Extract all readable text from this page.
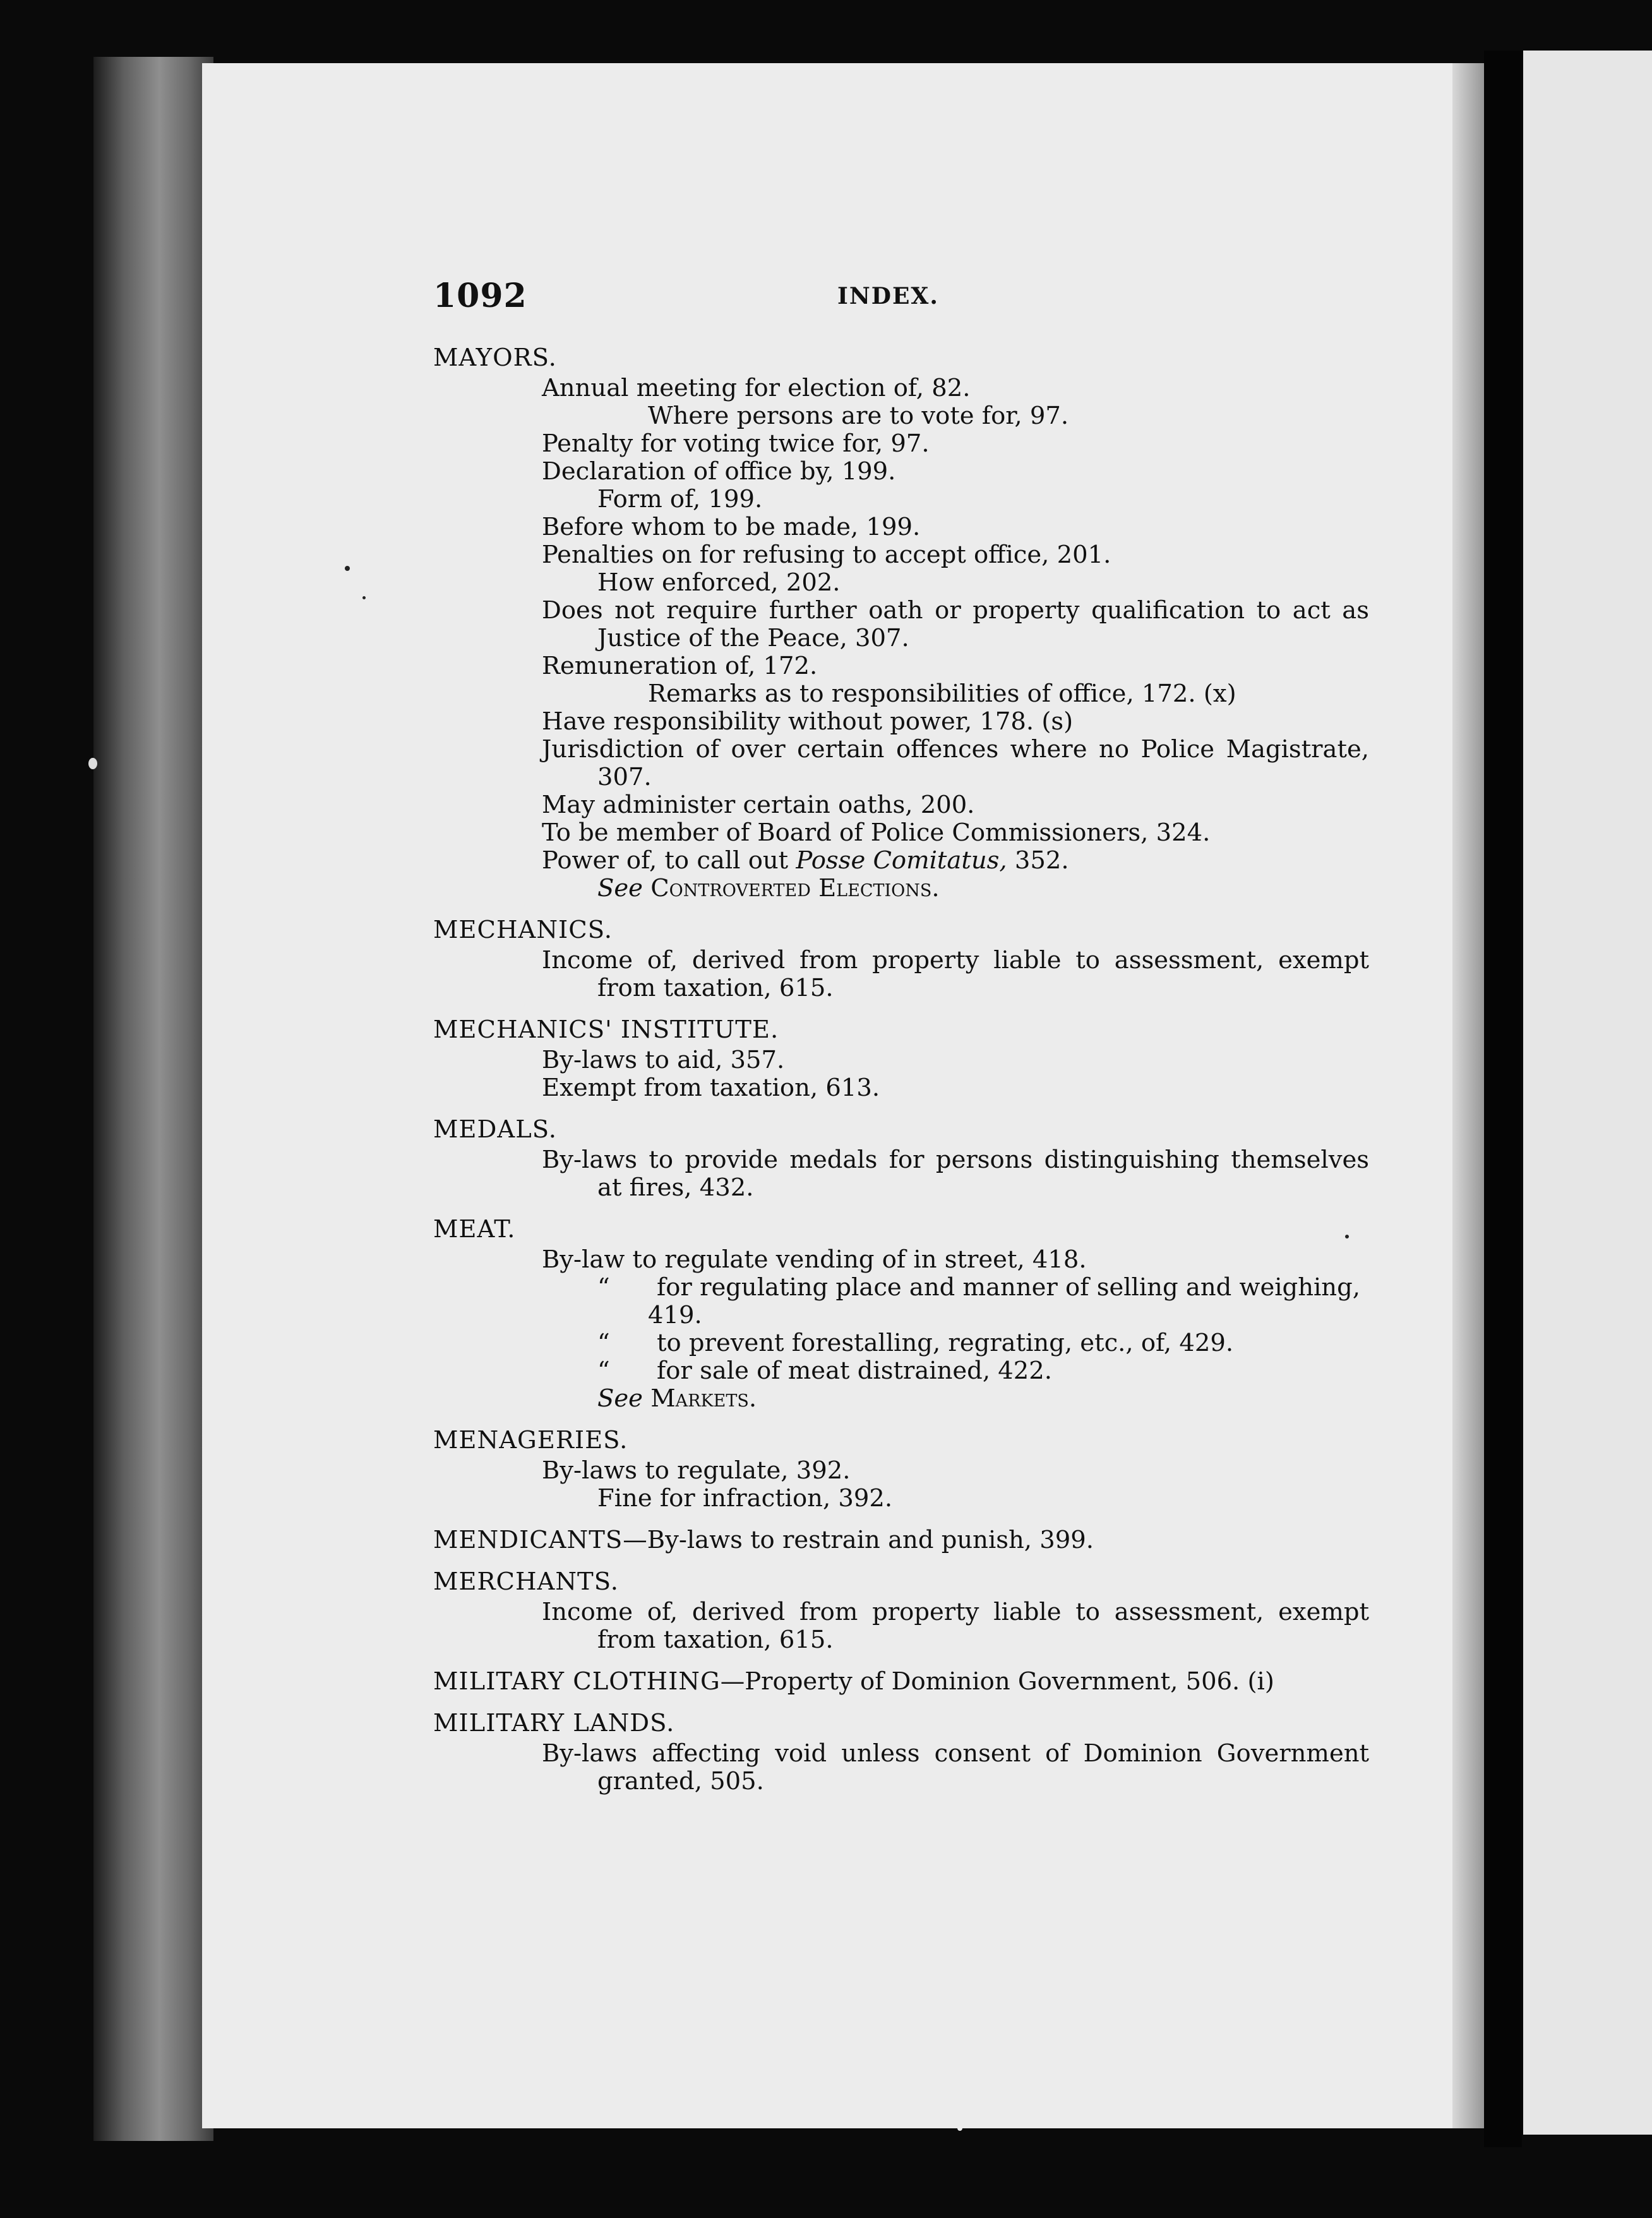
1092	INDEX.
MAYORS.
Annual meeting for election of, 82.
Where persons are to vote for, 97.
Penalty for voting twice for, 97.
Declaration of office by, 199.
Form of, 199.
Before whom to be made, 199.
Penalties on for refusing to accept office, 201.
How enforced, 202.
Does not require further oath or property qualification to act as
Justice of the Peace, 307.
Remuneration of, 172.
Remarks as to responsibilities of office, 172. (x)
Have responsibility without power, 178. (s)
Jurisdiction of over certain offences where no Police Magistrate,
307.
May administer certain oaths, 200.
To be member of Board of Police Commissioners, 324.
Power of, to call out Posse Comitatus, 352.
See Controverted Elections.
MECHANICS.
Income of, derived from property liable to assessment, exempt
from taxation, 615.
MECHANICS' INSTITUTE.
By-laws to aid, 357.
Exempt from taxation, 613.
MEDALS.
By-laws to provide medals for persons distinguishing themselves
at fires, 432.
MEAT.
By-law to regulate vending of in street, 418.
“ for regulating place and manner of selling and weighing,
419.
“ to prevent forestalling, regrating, etc., of, 429.
“ for sale of meat distrained, 422.
See Markets.
MENAGERIES.
By-laws to regulate, 392.
Fine for infraction, 392.
MENDICANTS—By-laws to restrain and punish, 399.
MERCHANTS.
Income of, derived from property liable to assessment, exempt
from taxation, 615.
MILITARY CLOTHING—Property of Dominion Government, 506. (i)
MILITARY LANDS.
By-laws affecting void unless consent of Dominion Government
granted, 505.
